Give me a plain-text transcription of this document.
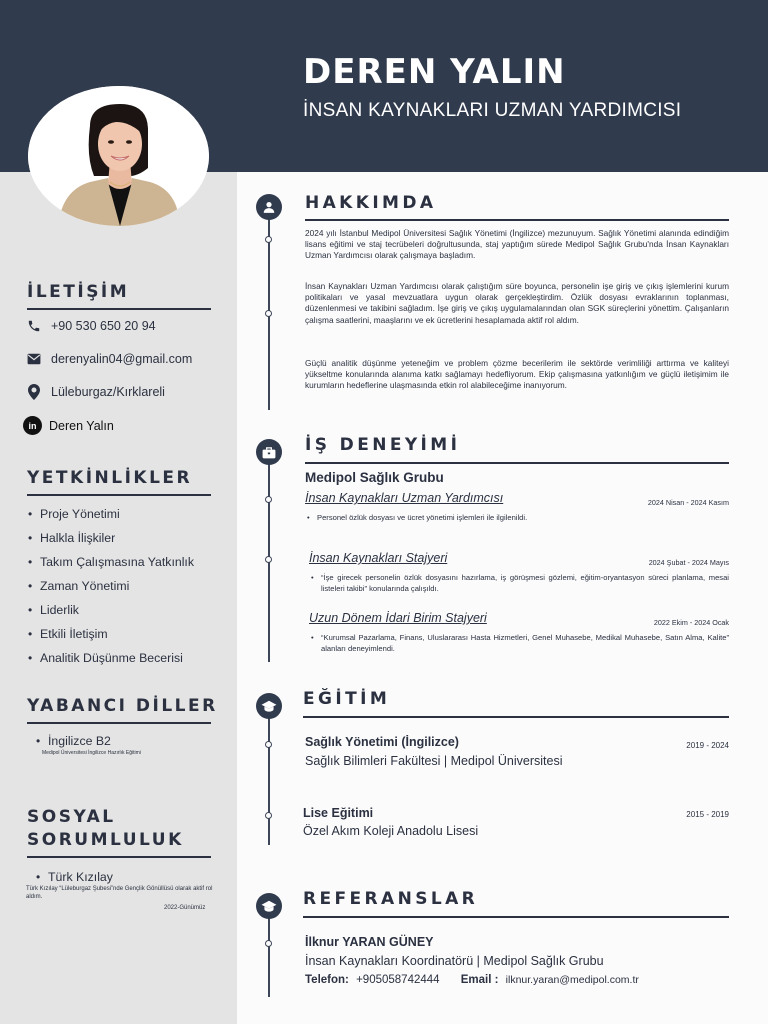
DEREN YALIN
İNSAN KAYNAKLARI UZMAN YARDIMCISI
İLETİŞİM
+90 530 650 20 94
derenyalin04@gmail.com
Lüleburgaz/Kırklareli
in Deren Yalın
YETKİNLİKLER
• Proje Yönetimi
• Halkla İlişkiler
• Takım Çalışmasına Yatkınlık
• Zaman Yönetimi
• Liderlik
• Etkili İletişim
• Analitik Düşünme Becerisi
YABANCI DİLLER
• İngilizce B2
Medipol Üniversitesi İngilizce Hazırlık Eğitimi
SOSYAL
SORUMLULUK
• Türk Kızılay
Türk Kızılay “Lüleburgaz Şubesi”nde Gençlik Gönüllüsü olarak aktif rol aldım.
2022-Günümüz
HAKKIMDA
2024 yılı İstanbul Medipol Üniversitesi Sağlık Yönetimi (İngilizce) mezunuyum. Sağlık Yönetimi alanında edindiğim lisans eğitimi ve staj tecrübeleri doğrultusunda, staj yaptığım sürede Medipol Sağlık Grubu'nda İnsan Kaynakları Uzman Yardımcısı olarak çalışmaya başladım.
İnsan Kaynakları Uzman Yardımcısı olarak çalıştığım süre boyunca, personelin işe giriş ve çıkış işlemlerini kurum politikaları ve yasal mevzuatlara uygun olarak gerçekleştirdim. Özlük dosyası evraklarının toplanması, düzenlenmesi ve takibini sağladım. İşe giriş ve çıkış uygulamalarından olan SGK süreçlerini yönettim. Çalışanların çalışma saatlerini, maaşlarını ve ek ücretlerini hesaplamada aktif rol aldım.
Güçlü analitik düşünme yeteneğim ve problem çözme becerilerim ile sektörde verimliliği arttırma ve kaliteyi yükseltme konularında alanıma katkı sağlamayı hedefliyorum. Ekip çalışmasına yatkınlığım ve güçlü iletişimim ile kurumların hedeflerine ulaşmasında etkin rol alabileceğime inanıyorum.
İŞ DENEYİMİ
Medipol Sağlık Grubu
İnsan Kaynakları Uzman Yardımcısı	2024 Nisan - 2024 Kasım
• Personel özlük dosyası ve ücret yönetimi işlemleri ile ilgilenildi.
İnsan Kaynakları Stajyeri	2024 Şubat - 2024 Mayıs
• “İşe girecek personelin özlük dosyasını hazırlama, iş görüşmesi gözlemi, eğitim-oryantasyon süreci planlama, mesai listeleri takibi” konularında çalışıldı.
Uzun Dönem İdari Birim Stajyeri	2022 Ekim - 2024 Ocak
• “Kurumsal Pazarlama, Finans, Uluslararası Hasta Hizmetleri, Genel Muhasebe, Medikal Muhasebe, Satın Alma, Kalite” alanları deneyimlendi.
EĞİTİM
Sağlık Yönetimi (İngilizce)	2019 - 2024
Sağlık Bilimleri Fakültesi | Medipol Üniversitesi
Lise Eğitimi	2015 - 2019
Özel Akım Koleji Anadolu Lisesi
REFERANSLAR
İlknur YARAN GÜNEY
İnsan Kaynakları Koordinatörü | Medipol Sağlık Grubu
Telefon: +905058742444 Email : ilknur.yaran@medipol.com.tr
